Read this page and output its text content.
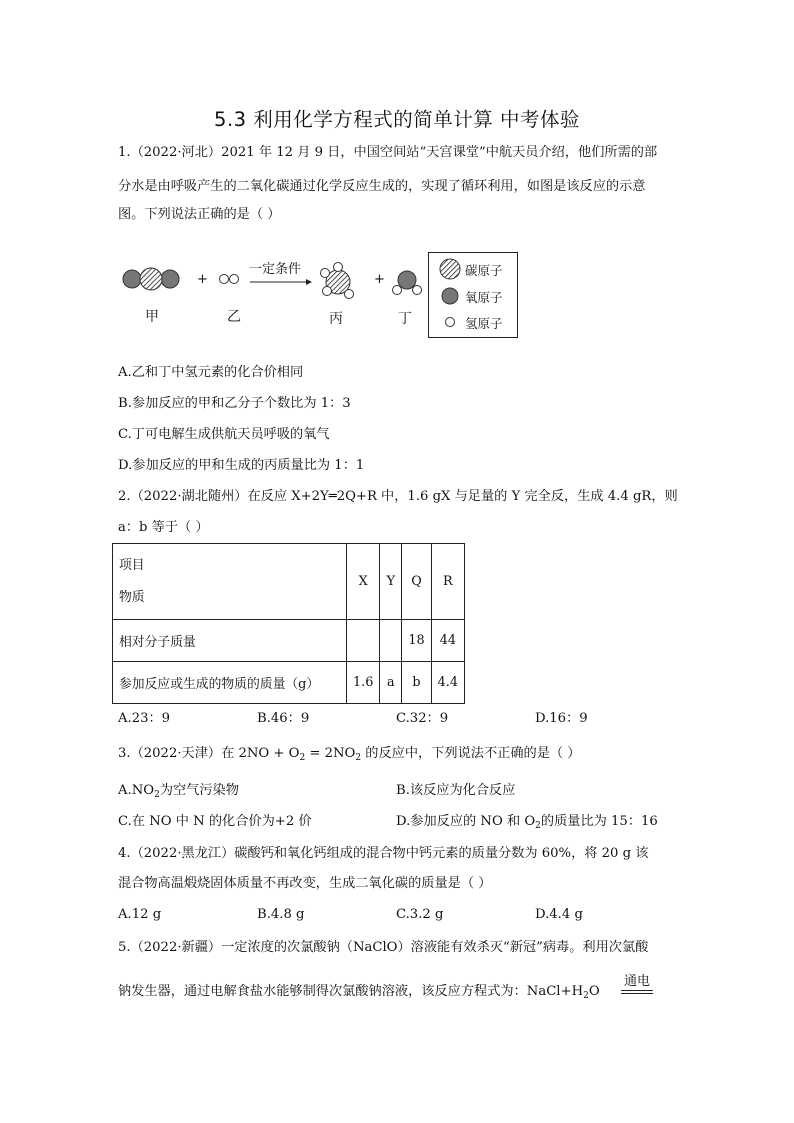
5.3 利用化学方程式的简单计算 中考体验
1.（2022·河北）2021 年 12 月 9 日，中国空间站“天宫课堂”中航天员介绍，他们所需的部
分水是由呼吸产生的二氧化碳通过化学反应生成的，实现了循环利用，如图是该反应的示意
图。下列说法正确的是（ ）
+	+
一定条件
甲	乙	丙	丁
碳原子
氧原子
氢原子
A.乙和丁中氢元素的化合价相同
B.参加反应的甲和乙分子个数比为 1：3
C.丁可电解生成供航天员呼吸的氧气
D.参加反应的甲和生成的丙质量比为 1：1
2.（2022·湖北随州）在反应 X+2Y═2Q+R 中，1.6 gX 与足量的 Y 完全反，生成 4.4 gR，则
a：b 等于（ ）
项目
物质	X	Y	Q	R
相对分子质量			18	44
参加反应或生成的物质的质量（g）	1.6	a	b	4.4
A.23：9	B.46：9	C.32：9	D.16：9
3.（2022·天津）在 $2NO + O_2 = 2NO_2$ 的反应中，下列说法不正确的是（ ）
$A.NO_2$为空气污染物	B.该反应为化合反应
C.在 NO 中 N 的化合价为+2 价	D.参加反应的 NO 和 $O_2$的质量比为 15：16
4.（2022·黑龙江）碳酸钙和氧化钙组成的混合物中钙元素的质量分数为 60%，将 20 g 该
混合物高温煅烧固体质量不再改变，生成二氧化碳的质量是（ ）
A.12 g	B.4.8 g	C.3.2 g	D.4.4 g
5.（2022·新疆）一定浓度的次氯酸钠（NaClO）溶液能有效杀灭“新冠”病毒。利用次氯酸
钠发生器，通过电解食盐水能够制得次氯酸钠溶液，该反应方程式为：$NaCl+H_2O$
通电
